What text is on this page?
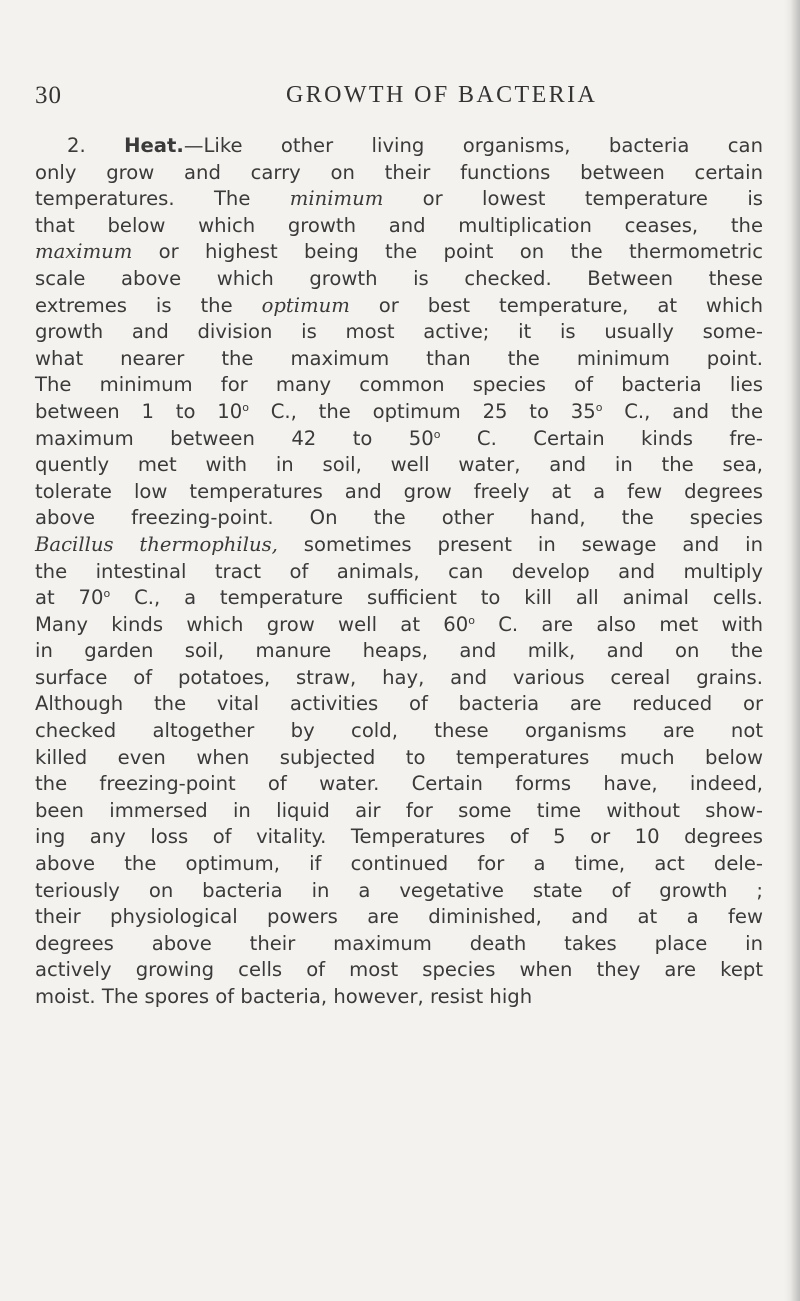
30	GROWTH OF BACTERIA
2. Heat.—Like other living organisms, bacteria can
only grow and carry on their functions between certain
temperatures. The minimum or lowest temperature is
that below which growth and multiplication ceases, the
maximum or highest being the point on the thermometric
scale above which growth is checked. Between these
extremes is the optimum or best temperature, at which
growth and division is most active; it is usually some-
what nearer the maximum than the minimum point.
The minimum for many common species of bacteria lies
between 1 to 10$^o$ C., the optimum 25 to 35$^o$ C., and the
maximum between 42 to 50$^o$ C. Certain kinds fre-
quently met with in soil, well water, and in the sea,
tolerate low temperatures and grow freely at a few degrees
above freezing-point. On the other hand, the species
Bacillus thermophilus, sometimes present in sewage and in
the intestinal tract of animals, can develop and multiply
at 70$^o$ C., a temperature sufficient to kill all animal cells.
Many kinds which grow well at 60$^o$ C. are also met with
in garden soil, manure heaps, and milk, and on the
surface of potatoes, straw, hay, and various cereal grains.
Although the vital activities of bacteria are reduced or
checked altogether by cold, these organisms are not
killed even when subjected to temperatures much below
the freezing-point of water. Certain forms have, indeed,
been immersed in liquid air for some time without show-
ing any loss of vitality. Temperatures of 5 or 10 degrees
above the optimum, if continued for a time, act dele-
teriously on bacteria in a vegetative state of growth ;
their physiological powers are diminished, and at a few
degrees above their maximum death takes place in
actively growing cells of most species when they are kept
moist. The spores of bacteria, however, resist high
